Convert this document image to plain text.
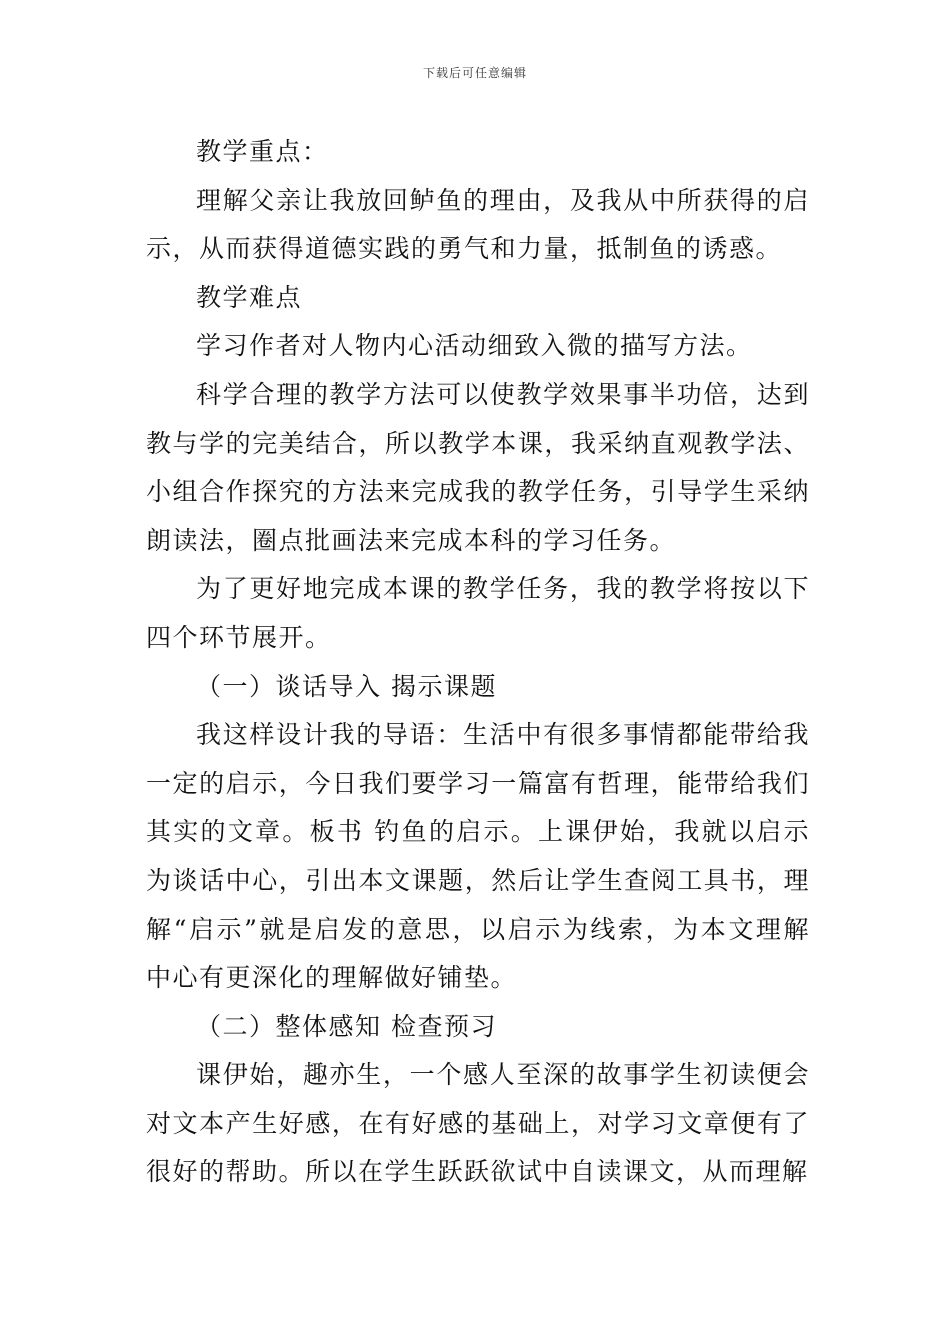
下载后可任意编辑

教学重点：

理解父亲让我放回鲈鱼的理由，及我从中所获得的启示，从而获得道德实践的勇气和力量，抵制鱼的诱惑。

教学难点

学习作者对人物内心活动细致入微的描写方法。

科学合理的教学方法可以使教学效果事半功倍，达到教与学的完美结合，所以教学本课，我采纳直观教学法、小组合作探究的方法来完成我的教学任务，引导学生采纳朗读法，圈点批画法来完成本科的学习任务。

为了更好地完成本课的教学任务，我的教学将按以下四个环节展开。

（一）谈话导入 揭示课题

我这样设计我的导语：生活中有很多事情都能带给我一定的启示，今日我们要学习一篇富有哲理，能带给我们其实的文章。板书 钓鱼的启示。上课伊始，我就以启示为谈话中心，引出本文课题，然后让学生查阅工具书，理解“启示”就是启发的意思，以启示为线索，为本文理解中心有更深化的理解做好铺垫。

（二）整体感知 检查预习

课伊始，趣亦生，一个感人至深的故事学生初读便会对文本产生好感，在有好感的基础上，对学习文章便有了很好的帮助。所以在学生跃跃欲试中自读课文，从而理解
